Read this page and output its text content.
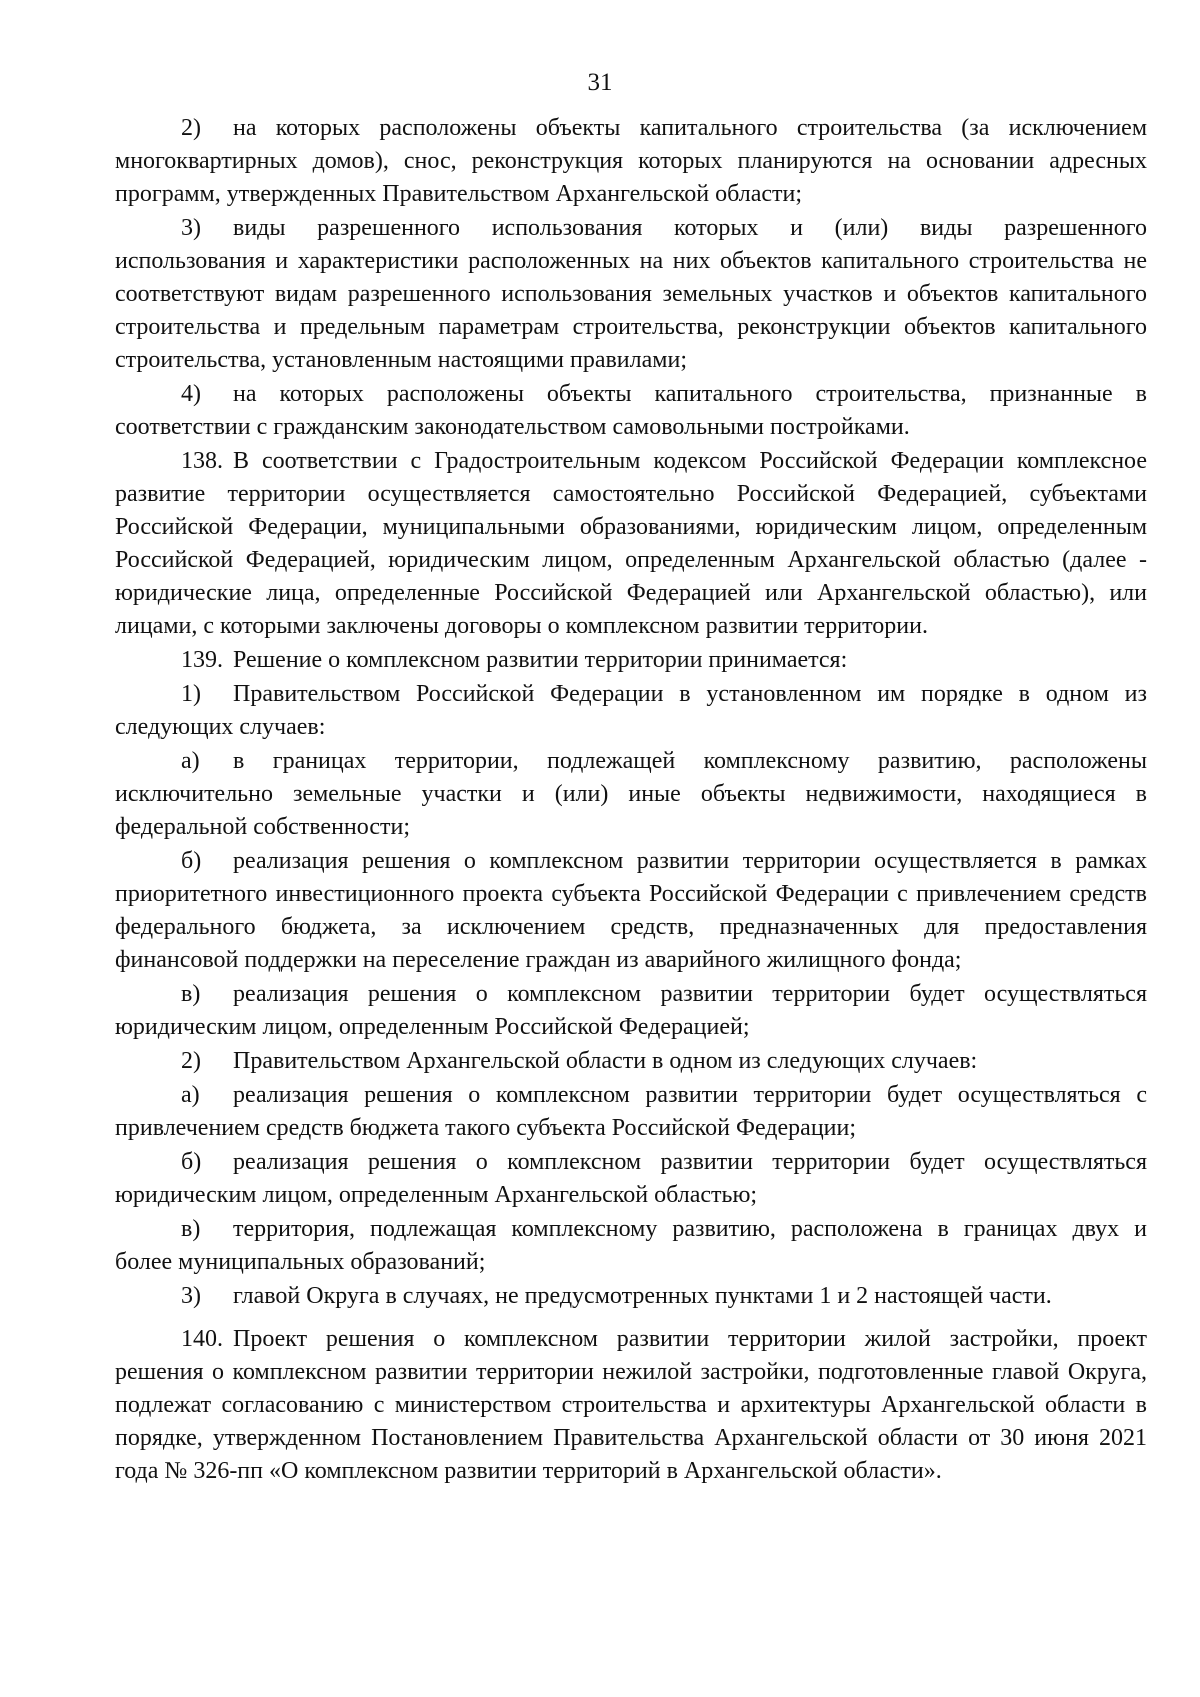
31
2) на которых расположены объекты капитального строительства (за исключением
многоквартирных домов), снос, реконструкция которых планируются на основании адресных
программ, утвержденных Правительством Архангельской области;
3) виды разрешенного использования которых и (или) виды разрешенного
использования и характеристики расположенных на них объектов капитального строительства не
соответствуют видам разрешенного использования земельных участков и объектов капитального
строительства и предельным параметрам строительства, реконструкции объектов капитального
строительства, установленным настоящими правилами;
4) на которых расположены объекты капитального строительства, признанные в
соответствии с гражданским законодательством самовольными постройками.
138. В соответствии с Градостроительным кодексом Российской Федерации комплексное
развитие территории осуществляется самостоятельно Российской Федерацией, субъектами
Российской Федерации, муниципальными образованиями, юридическим лицом, определенным
Российской Федерацией, юридическим лицом, определенным Архангельской областью (далее -
юридические лица, определенные Российской Федерацией или Архангельской областью), или
лицами, с которыми заключены договоры о комплексном развитии территории.
139. Решение о комплексном развитии территории принимается:
1) Правительством Российской Федерации в установленном им порядке в одном из
следующих случаев:
а) в границах территории, подлежащей комплексному развитию, расположены
исключительно земельные участки и (или) иные объекты недвижимости, находящиеся в
федеральной собственности;
б) реализация решения о комплексном развитии территории осуществляется в рамках
приоритетного инвестиционного проекта субъекта Российской Федерации с привлечением средств
федерального бюджета, за исключением средств, предназначенных для предоставления
финансовой поддержки на переселение граждан из аварийного жилищного фонда;
в) реализация решения о комплексном развитии территории будет осуществляться
юридическим лицом, определенным Российской Федерацией;
2) Правительством Архангельской области в одном из следующих случаев:
а) реализация решения о комплексном развитии территории будет осуществляться с
привлечением средств бюджета такого субъекта Российской Федерации;
б) реализация решения о комплексном развитии территории будет осуществляться
юридическим лицом, определенным Архангельской областью;
в) территория, подлежащая комплексному развитию, расположена в границах двух и
более муниципальных образований;
3) главой Округа в случаях, не предусмотренных пунктами 1 и 2 настоящей части.
140. Проект решения о комплексном развитии территории жилой застройки, проект
решения о комплексном развитии территории нежилой застройки, подготовленные главой Округа,
подлежат согласованию с министерством строительства и архитектуры Архангельской области в
порядке, утвержденном Постановлением Правительства Архангельской области от 30 июня 2021
года № 326-пп «О комплексном развитии территорий в Архангельской области».
